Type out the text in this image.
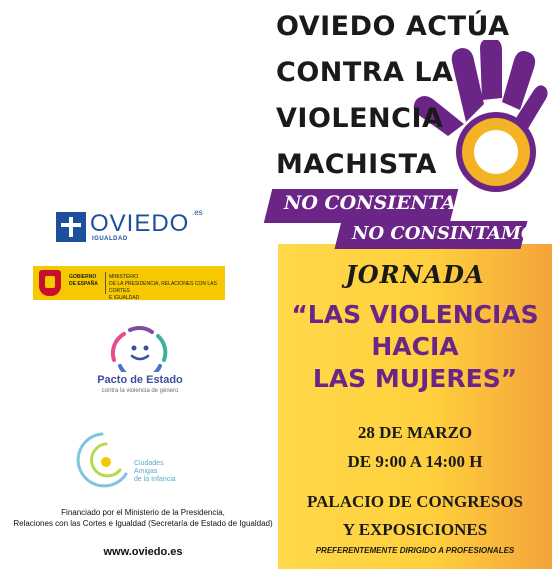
OVIEDO .es
IGUALDAD
GOBIERNO
DE ESPAÑA
MINISTERIO
DE LA PRESIDENCIA, RELACIONES CON LAS CORTES
E IGUALDAD
Pacto de Estado
contra la violencia de género
Ciudades
Amigas
de la Infancia
Financiado por el Ministerio de la Presidencia,
Relaciones con las Cortes e Igualdad (Secretaría de Estado de Igualdad)
www.oviedo.es
OVIEDO ACTÚA
CONTRA LA
VIOLENCIA
MACHISTA
NO CONSIENTAS,
NO CONSINTAMOS
JORNADA
“LAS VIOLENCIAS
HACIA
LAS MUJERES”
28 DE MARZO
DE 9:00 A 14:00 H
PALACIO DE CONGRESOS
Y EXPOSICIONES
PREFERENTEMENTE DIRIGIDO A PROFESIONALES
